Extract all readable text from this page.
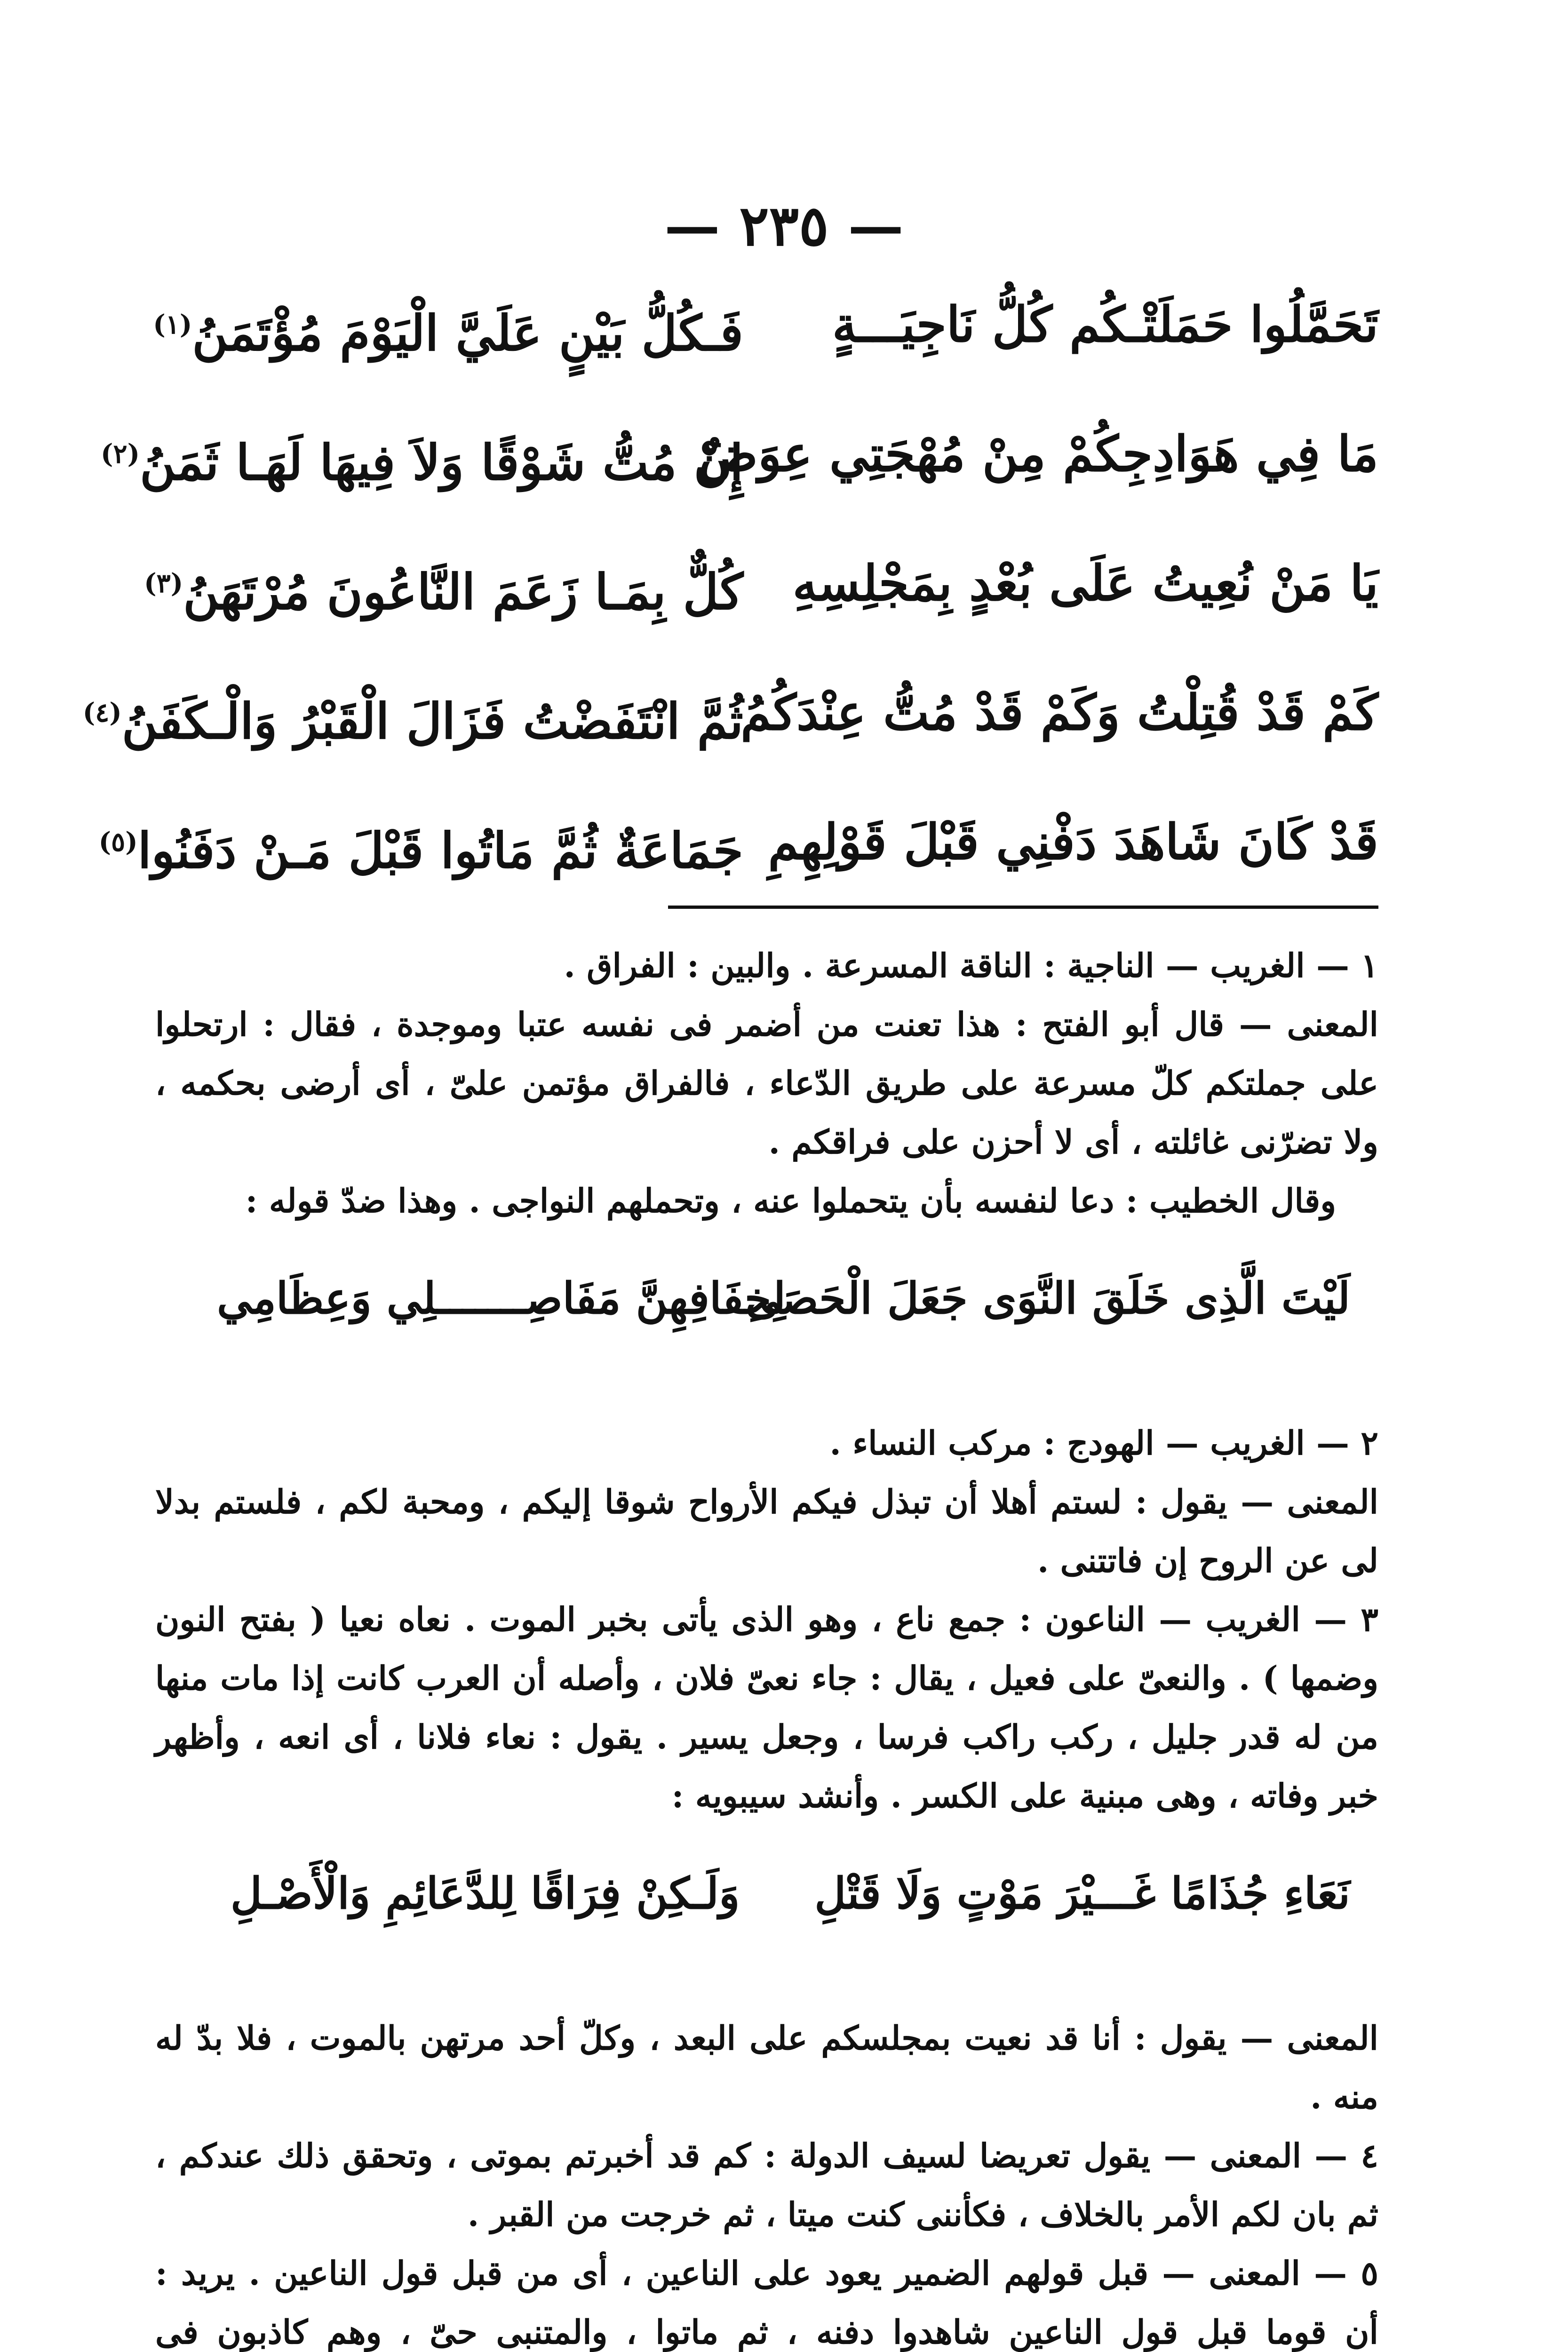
— ٢٣٥ —
تَحَمَّلُوا حَمَلَتْـكُم كُلُّ نَاجِيَـــةٍ
فَـكُلُّ بَيْنٍ عَلَيَّ الْيَوْمَ مُؤْتَمَنُ$^{(١)}$
مَا فِي هَوَادِجِكُمْ مِنْ مُهْجَتِي عِوَضٌ
إِنْ مُتُّ شَوْقًا وَلاَ فِيهَا لَهَـا ثَمَنُ$^{(٢)}$
يَا مَنْ نُعِيتُ عَلَى بُعْدٍ بِمَجْلِسِهِ
كُلٌّ بِمَـا زَعَمَ النَّاعُونَ مُرْتَهَنُ$^{(٣)}$
كَمْ قَدْ قُتِلْتُ وَكَمْ قَدْ مُتُّ عِنْدَكُمُ
ثُمَّ انْتَفَضْتُ فَزَالَ الْقَبْرُ وَالْـكَفَنُ$^{(٤)}$
قَدْ كَانَ شَاهَدَ دَفْنِي قَبْلَ قَوْلِهِمِ
جَمَاعَةٌ ثُمَّ مَاتُوا قَبْلَ مَـنْ دَفَنُوا$^{(٥)}$

١ — الغريب — الناجية : الناقة المسرعة . والبين : الفراق .

المعنى — قال أبو الفتح : هذا تعنت من أضمر فى نفسه عتبا وموجدة ، فقال : ارتحلوا على جملتكم كلّ مسرعة على طريق الدّعاء ، فالفراق مؤتمن علىّ ، أى أرضى بحكمه ، ولا تضرّنى غائلته ، أى لا أحزن على فراقكم .

وقال الخطيب : دعا لنفسه بأن يتحملوا عنه ، وتحملهم النواجى . وهذا ضدّ قوله :

لَيْتَ الَّذِى خَلَقَ النَّوَى جَعَلَ الْحَصَى
لِخِفَافِهِنَّ مَفَاصِـــــــلِي وَعِظَامِي

٢ — الغريب — الهودج : مركب النساء .

المعنى — يقول : لستم أهلا أن تبذل فيكم الأرواح شوقا إليكم ، ومحبة لكم ، فلستم بدلا لى عن الروح إن فاتتنى .

٣ — الغريب — الناعون : جمع ناع ، وهو الذى يأتى بخبر الموت . نعاه نعيا ( بفتح النون وضمها ) . والنعىّ على فعيل ، يقال : جاء نعىّ فلان ، وأصله أن العرب كانت إذا مات منها من له قدر جليل ، ركب راكب فرسا ، وجعل يسير . يقول : نعاء فلانا ، أى انعه ، وأظهر خبر وفاته ، وهى مبنية على الكسر . وأنشد سيبويه :

نَعَاءِ جُذَامًا غَـــيْرَ مَوْتٍ وَلَا قَتْلِ
وَلَـكِنْ فِرَاقًا لِلدَّعَائِمِ وَالْأَصْـلِ

المعنى — يقول : أنا قد نعيت بمجلسكم على البعد ، وكلّ أحد مرتهن بالموت ، فلا بدّ له منه .

٤ — المعنى — يقول تعريضا لسيف الدولة : كم قد أخبرتم بموتى ، وتحقق ذلك عندكم ، ثم بان لكم الأمر بالخلاف ، فكأننى كنت ميتا ، ثم خرجت من القبر .

٥ — المعنى — قبل قولهم الضمير يعود على الناعين ، أى من قبل قول الناعين . يريد : أن قوما قبل قول الناعين شاهدوا دفنه ، ثم ماتوا ، والمتنبى حىّ ، وهم كاذبون فى
